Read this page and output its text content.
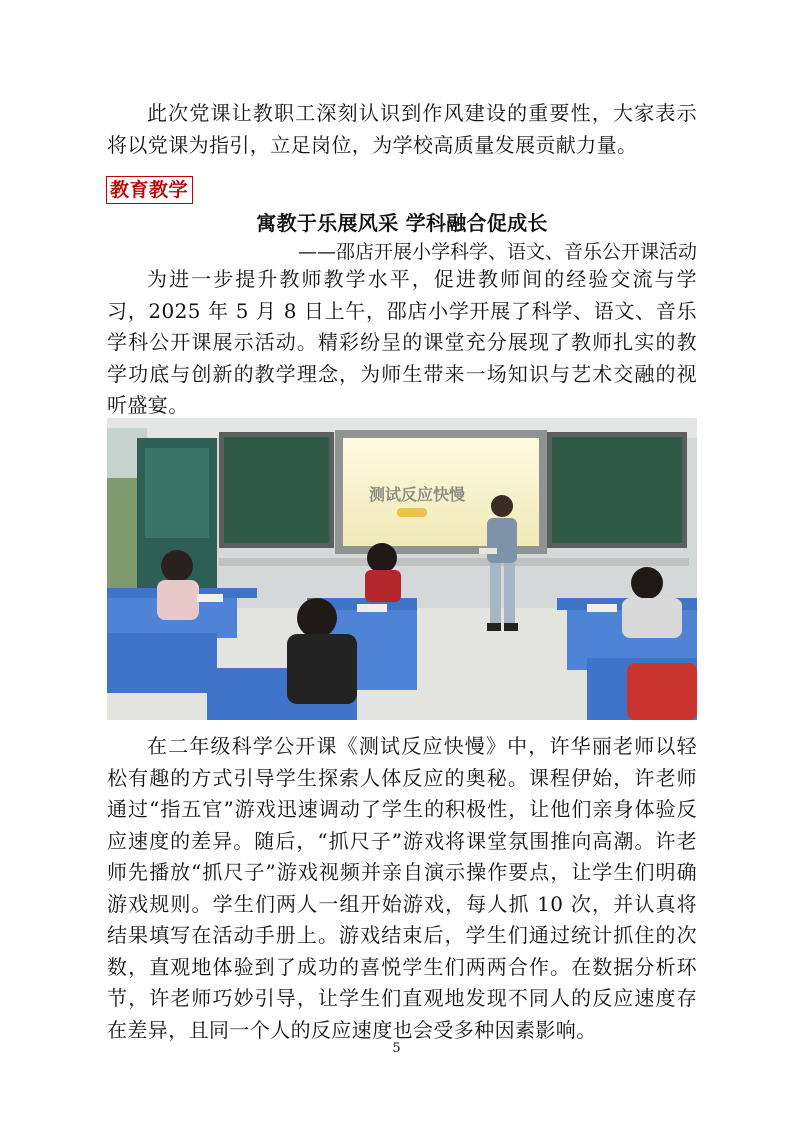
此次党课让教职工深刻认识到作风建设的重要性，大家表示将以党课为指引，立足岗位，为学校高质量发展贡献力量。

教育教学
寓教于乐展风采 学科融合促成长

——邵店开展小学科学、语文、音乐公开课活动

为进一步提升教师教学水平，促进教师间的经验交流与学习，2025 年 5 月 8 日上午，邵店小学开展了科学、语文、音乐学科公开课展示活动。精彩纷呈的课堂充分展现了教师扎实的教学功底与创新的教学理念，为师生带来一场知识与艺术交融的视听盛宴。

测试反应快慢

在二年级科学公开课《测试反应快慢》中，许华丽老师以轻松有趣的方式引导学生探索人体反应的奥秘。课程伊始，许老师通过“指五官”游戏迅速调动了学生的积极性，让他们亲身体验反应速度的差异。随后，“抓尺子”游戏将课堂氛围推向高潮。许老师先播放“抓尺子”游戏视频并亲自演示操作要点，让学生们明确游戏规则。学生们两人一组开始游戏，每人抓 10 次，并认真将结果填写在活动手册上。游戏结束后，学生们通过统计抓住的次数，直观地体验到了成功的喜悦学生们两两合作。在数据分析环节，许老师巧妙引导，让学生们直观地发现不同人的反应速度存在差异，且同一个人的反应速度也会受多种因素影响。

5
